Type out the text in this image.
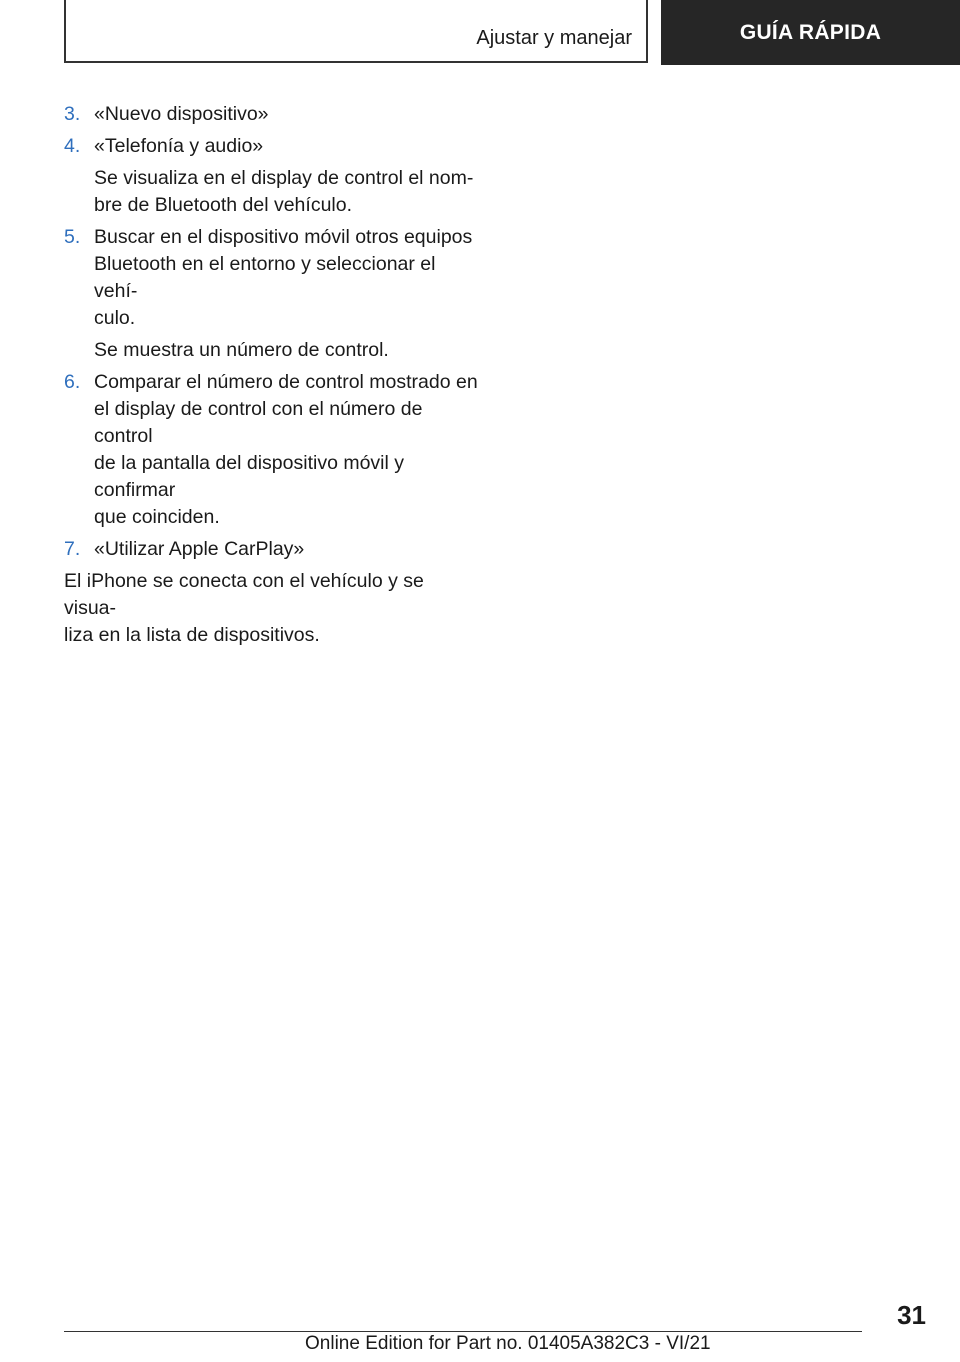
Ajustar y manejar	GUÍA RÁPIDA
3. «Nuevo dispositivo»
4. «Telefonía y audio»
Se visualiza en el display de control el nom-
bre de Bluetooth del vehículo.
5. Buscar en el dispositivo móvil otros equipos
Bluetooth en el entorno y seleccionar el vehí-
culo.
Se muestra un número de control.
6. Comparar el número de control mostrado en
el display de control con el número de control
de la pantalla del dispositivo móvil y confirmar
que coinciden.
7. «Utilizar Apple CarPlay»
El iPhone se conecta con el vehículo y se visua-
liza en la lista de dispositivos.
31
Online Edition for Part no. 01405A382C3 - VI/21
